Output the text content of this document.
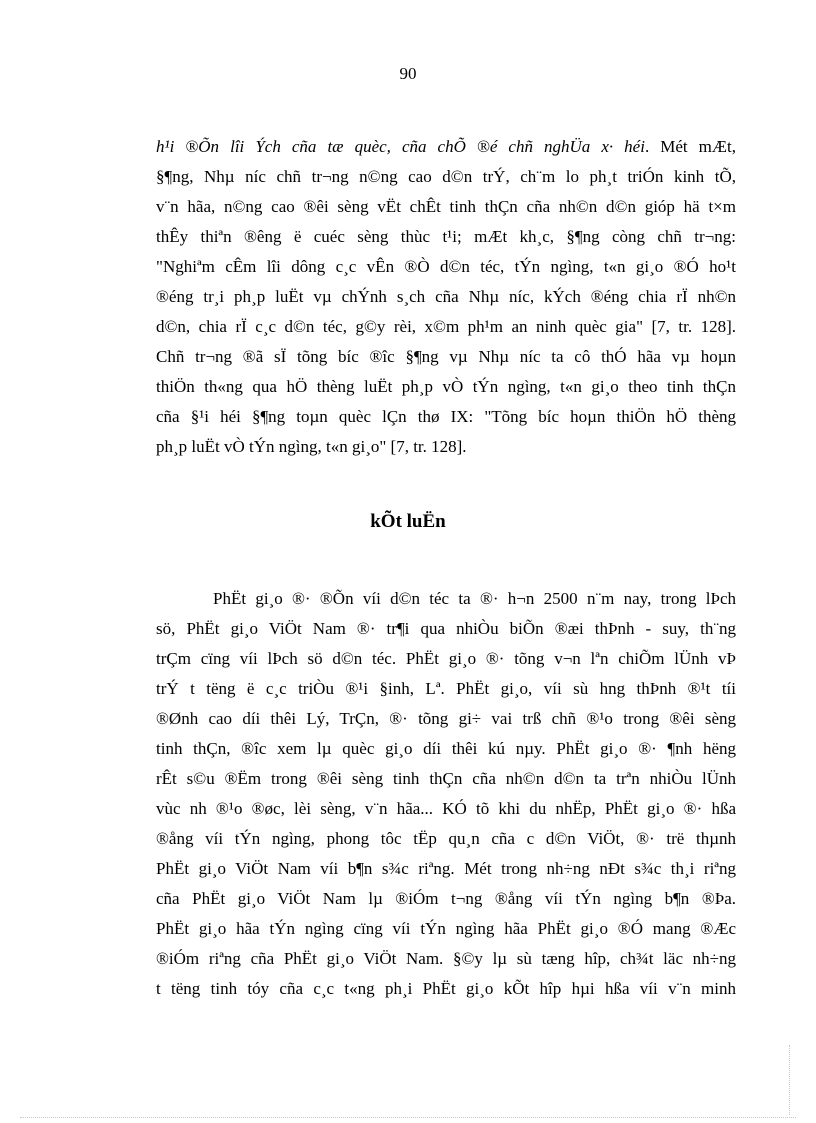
90
h¹i ®Õn lîi Ých cña tæ quèc, cña chÕ ®é chñ nghÜa x· héi. Mét mÆt,
§¶ng, Nhµ níc chñ tr¬ng n©ng cao d©n trÝ, ch¨m lo ph¸t triÓn kinh tÕ,
v¨n hãa, n©ng cao ®êi sèng vËt chÊt tinh thÇn cña nh©n d©n gióp hä t×m
thÊy thiªn ®êng ë cuéc sèng thùc t¹i; mÆt kh¸c, §¶ng còng chñ tr¬ng:
"Nghiªm cÊm lîi dông c¸c vÊn ®Ò d©n téc, tÝn ngìng, t«n gi¸o ®Ó ho¹t
®éng tr¸i ph¸p luËt vµ chÝnh s¸ch cña Nhµ níc, kÝch ®éng chia rÏ nh©n
d©n, chia rÏ c¸c d©n téc, g©y rèi, x©m ph¹m an ninh quèc gia" [7, tr. 128].
Chñ tr¬ng ®ã sÏ tõng bíc ®îc §¶ng vµ Nhµ níc ta cô thÓ hãa vµ hoµn
thiÖn th«ng qua hÖ thèng luËt ph¸p vÒ tÝn ngìng, t«n gi¸o theo tinh thÇn
cña §¹i héi §¶ng toµn quèc lÇn thø IX: "Tõng bíc hoµn thiÖn hÖ thèng
ph¸p luËt vÒ tÝn ngìng, t«n gi¸o" [7, tr. 128].
kÕt luËn
PhËt gi¸o ®· ®Õn víi d©n téc ta ®· h¬n 2500 n¨m nay, trong lÞch
sö, PhËt gi¸o ViÖt Nam ®· tr¶i qua nhiÒu biÕn ®æi thÞnh - suy, th¨ng
trÇm cïng víi lÞch sö d©n téc. PhËt gi¸o ®· tõng v¬n lªn chiÕm lÜnh vÞ
trÝ t tëng ë c¸c triÒu ®¹i §inh, Lª. PhËt gi¸o, víi sù hng thÞnh ®¹t tíi
®Ønh cao díi thêi Lý, TrÇn, ®· tõng gi÷ vai trß chñ ®¹o trong ®êi sèng
tinh thÇn, ®îc xem lµ quèc gi¸o díi thêi kú nµy. PhËt gi¸o ®· ¶nh hëng
rÊt s©u ®Ëm trong ®êi sèng tinh thÇn cña nh©n d©n ta trªn nhiÒu lÜnh
vùc nh ®¹o ®øc, lèi sèng, v¨n hãa... KÓ tõ khi du nhËp, PhËt gi¸o ®· hßa
®ång víi tÝn ngìng, phong tôc tËp qu¸n cña c d©n ViÖt, ®· trë thµnh
PhËt gi¸o ViÖt Nam víi b¶n s¾c riªng. Mét trong nh÷ng nÐt s¾c th¸i riªng
cña PhËt gi¸o ViÖt Nam lµ ®iÓm t¬ng ®ång víi tÝn ngìng b¶n ®Þa.
PhËt gi¸o hãa tÝn ngìng cïng víi tÝn ngìng hãa PhËt gi¸o ®Ó mang ®Æc
®iÓm riªng cña PhËt gi¸o ViÖt Nam. §©y lµ sù tæng hîp, ch¾t läc nh÷ng
t tëng tinh tóy cña c¸c t«ng ph¸i PhËt gi¸o kÕt hîp hµi hßa víi v¨n minh
